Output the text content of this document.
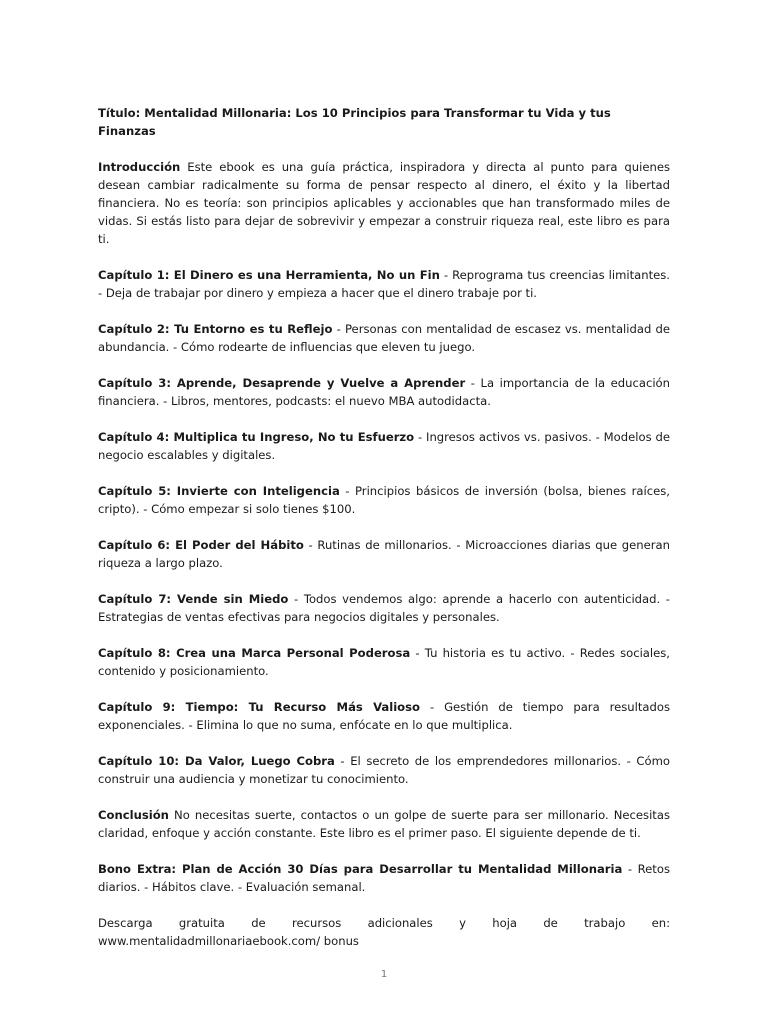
Título: Mentalidad Millonaria: Los 10 Principios para Transformar tu Vida y tus Finanzas

Introducción Este ebook es una guía práctica, inspiradora y directa al punto para quienes desean cambiar radicalmente su forma de pensar respecto al dinero, el éxito y la libertad financiera. No es teoría: son principios aplicables y accionables que han transformado miles de vidas. Si estás listo para dejar de sobrevivir y empezar a construir riqueza real, este libro es para ti.

Capítulo 1: El Dinero es una Herramienta, No un Fin - Reprograma tus creencias limitantes. - Deja de trabajar por dinero y empieza a hacer que el dinero trabaje por ti.

Capítulo 2: Tu Entorno es tu Reflejo - Personas con mentalidad de escasez vs. mentalidad de abundancia. - Cómo rodearte de influencias que eleven tu juego.

Capítulo 3: Aprende, Desaprende y Vuelve a Aprender - La importancia de la educación financiera. - Libros, mentores, podcasts: el nuevo MBA autodidacta.

Capítulo 4: Multiplica tu Ingreso, No tu Esfuerzo - Ingresos activos vs. pasivos. - Modelos de negocio escalables y digitales.

Capítulo 5: Invierte con Inteligencia - Principios básicos de inversión (bolsa, bienes raíces, cripto). - Cómo empezar si solo tienes $100.

Capítulo 6: El Poder del Hábito - Rutinas de millonarios. - Microacciones diarias que generan riqueza a largo plazo.

Capítulo 7: Vende sin Miedo - Todos vendemos algo: aprende a hacerlo con autenticidad. - Estrategias de ventas efectivas para negocios digitales y personales.

Capítulo 8: Crea una Marca Personal Poderosa - Tu historia es tu activo. - Redes sociales, contenido y posicionamiento.

Capítulo 9: Tiempo: Tu Recurso Más Valioso - Gestión de tiempo para resultados exponenciales. - Elimina lo que no suma, enfócate en lo que multiplica.

Capítulo 10: Da Valor, Luego Cobra - El secreto de los emprendedores millonarios. - Cómo construir una audiencia y monetizar tu conocimiento.

Conclusión No necesitas suerte, contactos o un golpe de suerte para ser millonario. Necesitas claridad, enfoque y acción constante. Este libro es el primer paso. El siguiente depende de ti.

Bono Extra: Plan de Acción 30 Días para Desarrollar tu Mentalidad Millonaria - Retos diarios. - Hábitos clave. - Evaluación semanal.

Descarga gratuita de recursos adicionales y hoja de trabajo en: www.mentalidadmillonariaebook.com/ bonus

1
